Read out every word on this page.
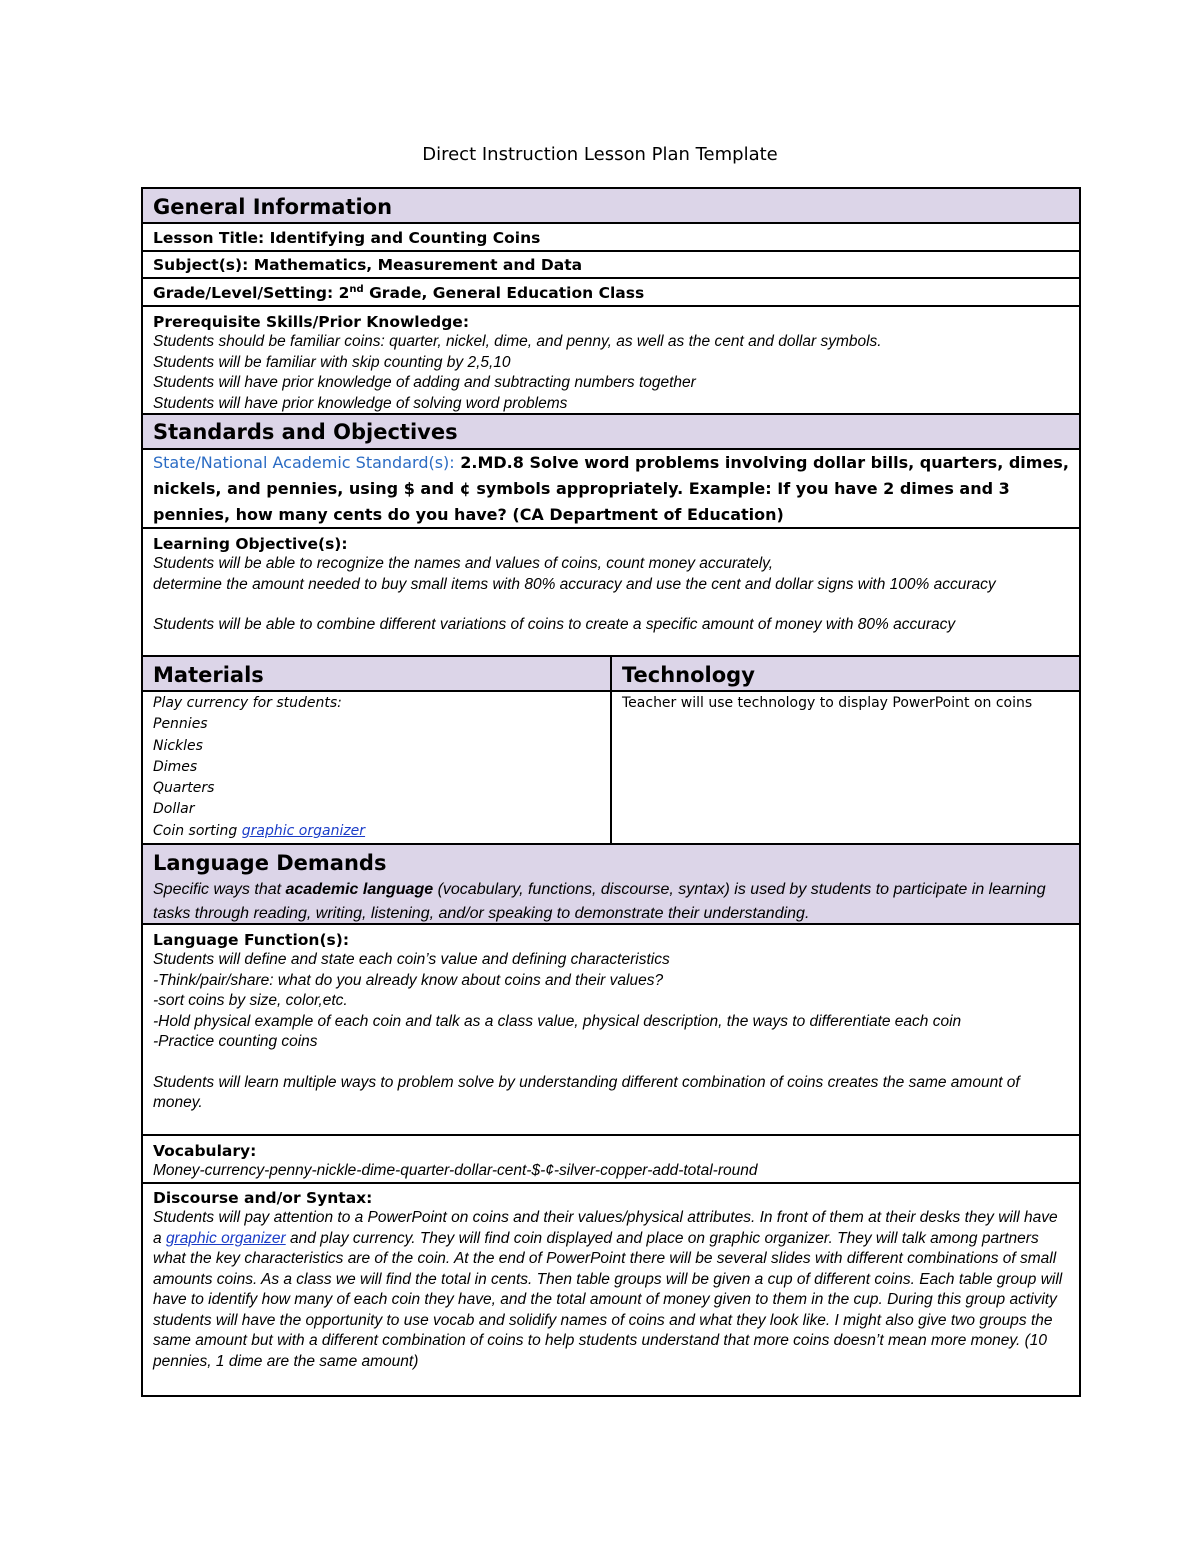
Direct Instruction Lesson Plan Template
General Information
Lesson Title: Identifying and Counting Coins
Subject(s): Mathematics, Measurement and Data
Grade/Level/Setting: 2nd Grade, General Education Class
Prerequisite Skills/Prior Knowledge:
Students should be familiar coins: quarter, nickel, dime, and penny, as well as the cent and dollar symbols.
Students will be familiar with skip counting by 2,5,10
Students will have prior knowledge of adding and subtracting numbers together
Students will have prior knowledge of solving word problems
Standards and Objectives
State/National Academic Standard(s): 2.MD.8 Solve word problems involving dollar bills, quarters, dimes, nickels, and pennies, using $ and ¢ symbols appropriately. Example: If you have 2 dimes and 3 pennies, how many cents do you have? (CA Department of Education)
Learning Objective(s):
Students will be able to recognize the names and values of coins, count money accurately,
determine the amount needed to buy small items with 80% accuracy and use the cent and dollar signs with 100% accuracy
Students will be able to combine different variations of coins to create a specific amount of money with 80% accuracy
Materials	Technology
Play currency for students:
Pennies
Nickles
Dimes
Quarters
Dollar
Coin sorting graphic organizer
Teacher will use technology to display PowerPoint on coins
Language Demands
Specific ways that academic language (vocabulary, functions, discourse, syntax) is used by students to participate in learning tasks through reading, writing, listening, and/or speaking to demonstrate their understanding.
Language Function(s):
Students will define and state each coin’s value and defining characteristics
-Think/pair/share: what do you already know about coins and their values?
-sort coins by size, color,etc.
-Hold physical example of each coin and talk as a class value, physical description, the ways to differentiate each coin
-Practice counting coins
Students will learn multiple ways to problem solve by understanding different combination of coins creates the same amount of money.
Vocabulary:
Money-currency-penny-nickle-dime-quarter-dollar-cent-$-¢-silver-copper-add-total-round
Discourse and/or Syntax:
Students will pay attention to a PowerPoint on coins and their values/physical attributes. In front of them at their desks they will have a graphic organizer and play currency. They will find coin displayed and place on graphic organizer. They will talk among partners what the key characteristics are of the coin. At the end of PowerPoint there will be several slides with different combinations of small amounts coins. As a class we will find the total in cents. Then table groups will be given a cup of different coins. Each table group will have to identify how many of each coin they have, and the total amount of money given to them in the cup. During this group activity students will have the opportunity to use vocab and solidify names of coins and what they look like. I might also give two groups the same amount but with a different combination of coins to help students understand that more coins doesn’t mean more money. (10 pennies, 1 dime are the same amount)
